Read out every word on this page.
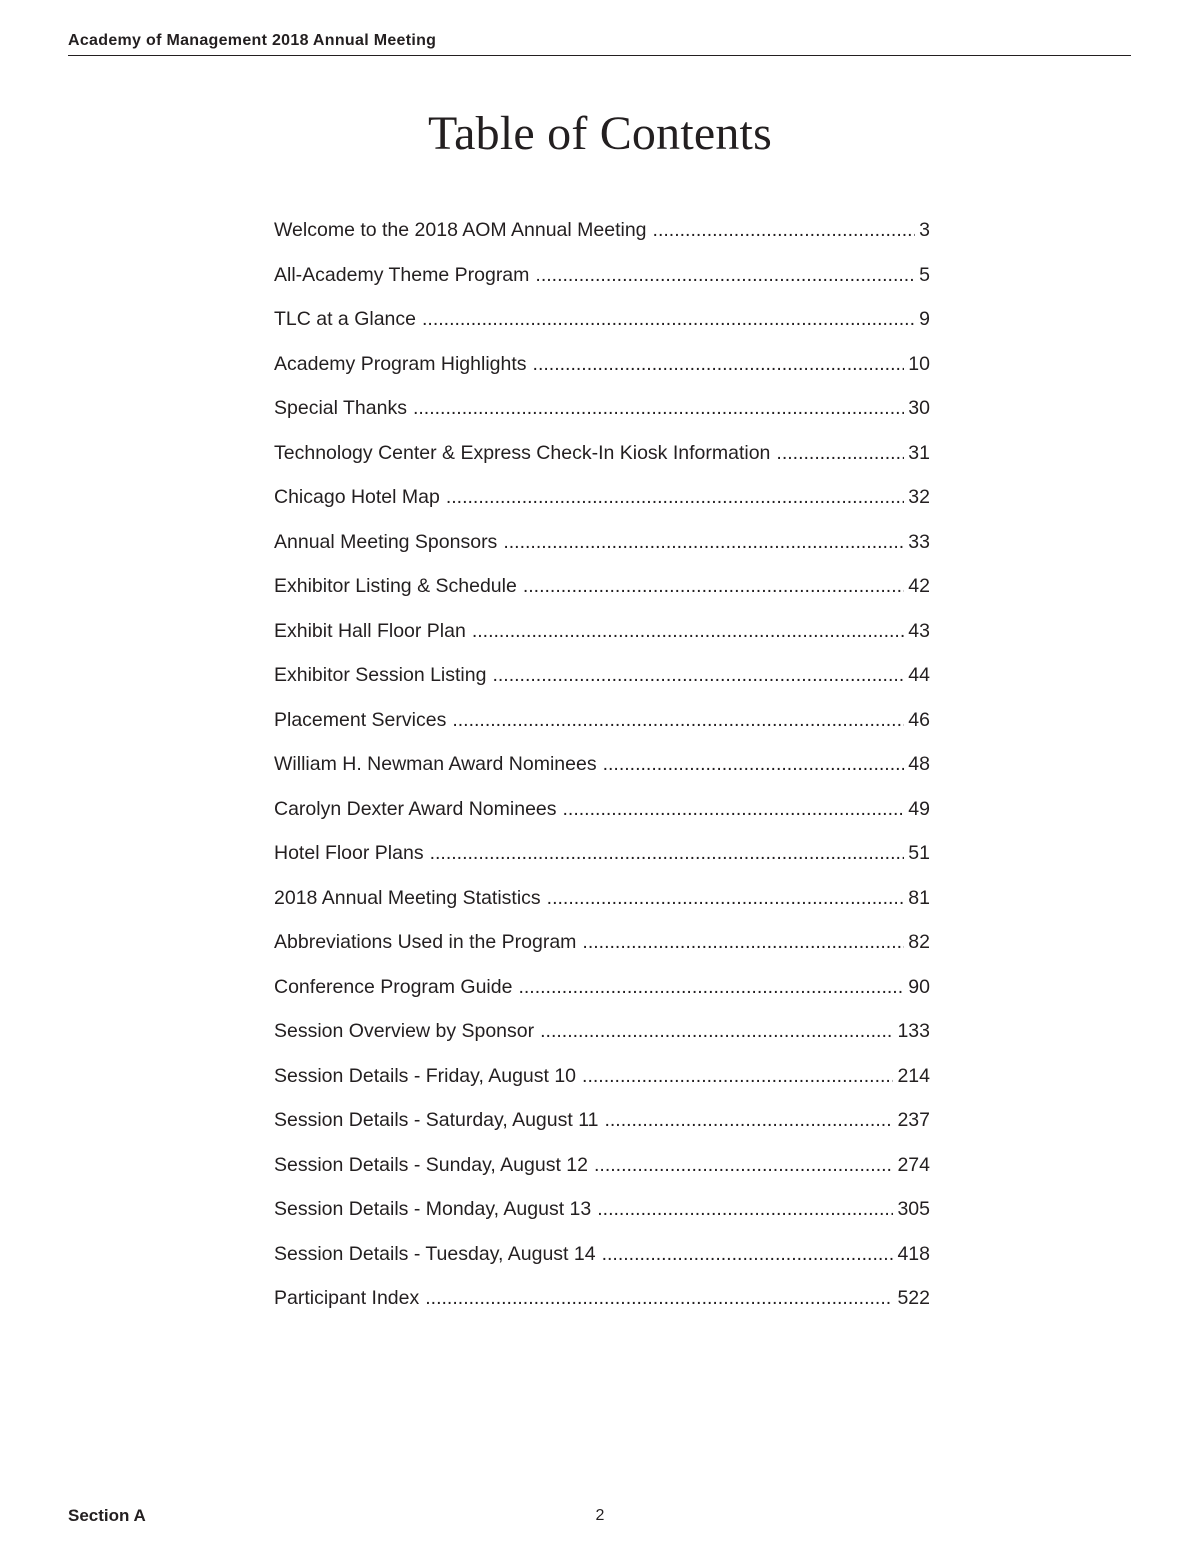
Academy of Management 2018 Annual Meeting
Table of Contents
Welcome to the 2018 AOM Annual Meeting .....	3
All-Academy Theme Program .....	5
TLC at a Glance .....	9
Academy Program Highlights .....	10
Special Thanks .....	30
Technology Center & Express Check-In Kiosk Information .....	31
Chicago Hotel Map .....	32
Annual Meeting Sponsors .....	33
Exhibitor Listing & Schedule .....	42
Exhibit Hall Floor Plan .....	43
Exhibitor Session Listing .....	44
Placement Services .....	46
William H. Newman Award Nominees .....	48
Carolyn Dexter Award Nominees .....	49
Hotel Floor Plans .....	51
2018 Annual Meeting Statistics .....	81
Abbreviations Used in the Program .....	82
Conference Program Guide .....	90
Session Overview by Sponsor .....	133
Session Details - Friday, August 10 .....	214
Session Details - Saturday, August 11 .....	237
Session Details - Sunday, August 12 .....	274
Session Details - Monday, August 13 .....	305
Session Details - Tuesday, August 14 .....	418
Participant Index .....	522
Section A	2
